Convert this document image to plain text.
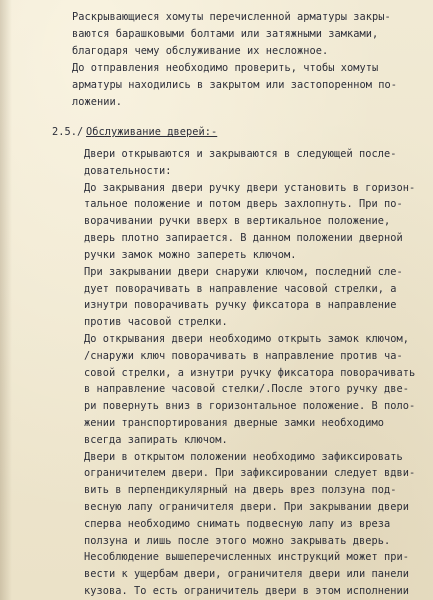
Раскрывающиеся хомуты перечисленной арматуры закры-
ваются барашковыми болтами или затяжными замками,
благодаря чему обслуживание их несложное.
До отправления необходимо проверить, чтобы хомуты
арматуры находились в закрытом или застопоренном по-
ложении.
2.5./ Обслуживание дверей:-
Двери открываются и закрываются в следующей после-
довательности:
До закрывания двери ручку двери установить в горизон-
тальное положение и потом дверь захлопнуть. При по-
ворачивании ручки вверх в вертикальное положение,
дверь плотно запирается. В данном положении дверной
ручки замок можно запереть ключом.
При закрывании двери снаружи ключом, последний сле-
дует поворачивать в направление часовой стрелки, а
изнутри поворачивать ручку фиксатора в направление
против часовой стрелки.
До открывания двери необходимо открыть замок ключом,
/снаружи ключ поворачивать в направление против ча-
совой стрелки, а изнутри ручку фиксатора поворачивать
в направление часовой стелки/.После этого ручку две-
ри повернуть вниз в горизонтальное положение. В поло-
жении транспортирования дверные замки необходимо
всегда запирать ключом.
Двери в открытом положении необходимо зафиксировать
ограничителем двери. При зафиксировании следует вдви-
вить в перпендикулярный на дверь врез ползуна под-
весную лапу ограничителя двери. При закрывании двери
сперва необходимо снимать подвесную лапу из вреза
ползуна и лишь после этого можно закрывать дверь.
Несоблюдение вышеперечисленных инструкций может при-
вести к ущербам двери, ограничителя двери или панели
кузова. То есть ограничитель двери в этом исполнении
